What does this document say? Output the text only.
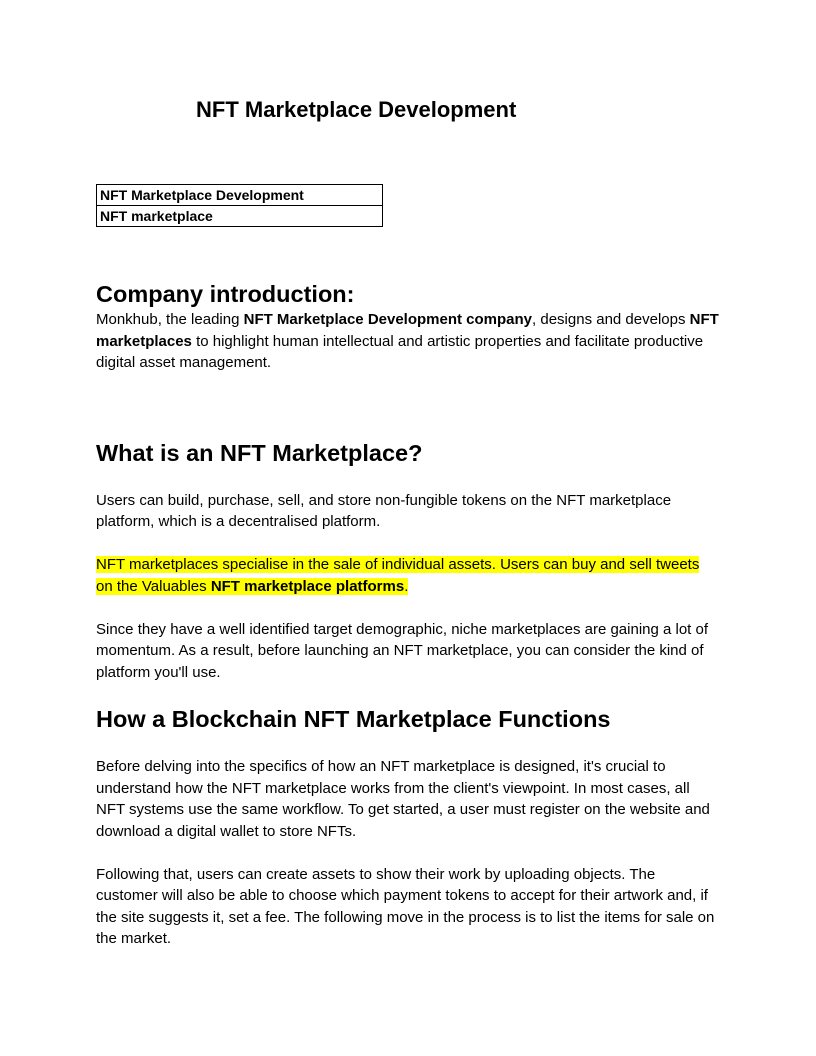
NFT Marketplace Development
NFT Marketplace Development
NFT marketplace
Company introduction:

Monkhub, the leading NFT Marketplace Development company, designs and develops NFT marketplaces to highlight human intellectual and artistic properties and facilitate productive digital asset management.

What is an NFT Marketplace?

Users can build, purchase, sell, and store non-fungible tokens on the NFT marketplace platform, which is a decentralised platform.

NFT marketplaces specialise in the sale of individual assets. Users can buy and sell tweets on the Valuables NFT marketplace platforms.

Since they have a well identified target demographic, niche marketplaces are gaining a lot of momentum. As a result, before launching an NFT marketplace, you can consider the kind of platform you'll use.

How a Blockchain NFT Marketplace Functions

Before delving into the specifics of how an NFT marketplace is designed, it's crucial to understand how the NFT marketplace works from the client's viewpoint. In most cases, all NFT systems use the same workflow. To get started, a user must register on the website and download a digital wallet to store NFTs.

Following that, users can create assets to show their work by uploading objects. The customer will also be able to choose which payment tokens to accept for their artwork and, if the site suggests it, set a fee. The following move in the process is to list the items for sale on the market.
